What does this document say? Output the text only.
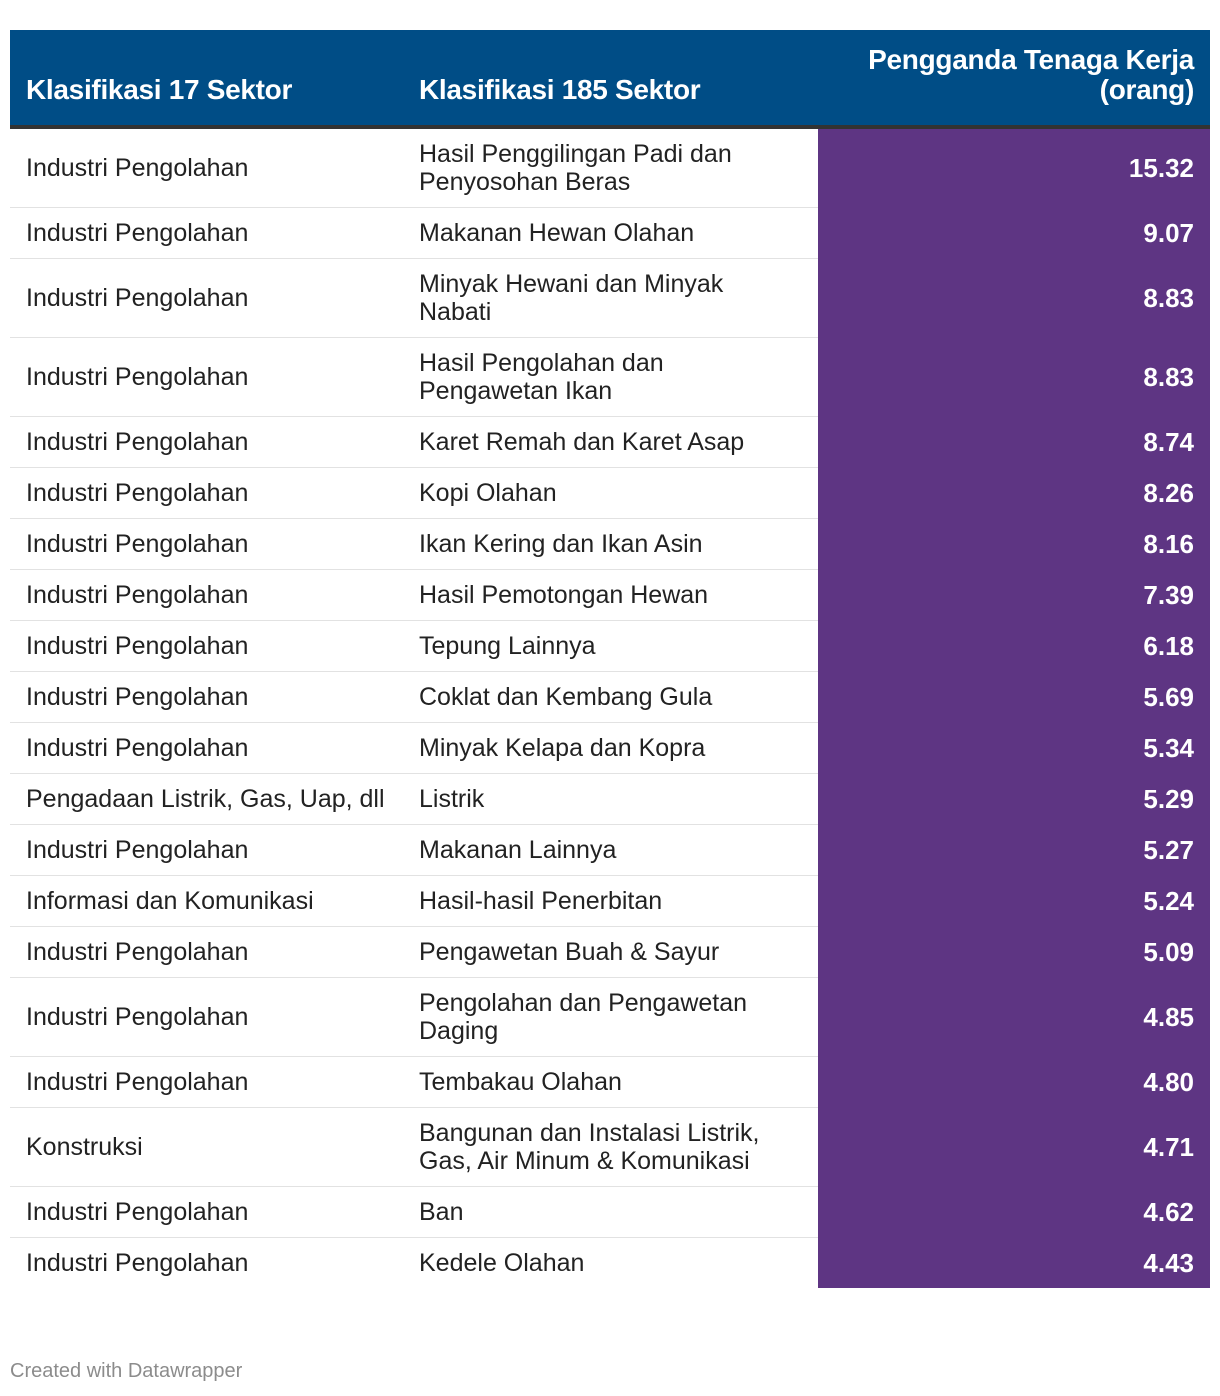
Klasifikasi 17 Sektor	Klasifikasi 185 Sektor	Pengganda Tenaga Kerja (orang)
Industri Pengolahan	Hasil Penggilingan Padi dan Penyosohan Beras	15.32
Industri Pengolahan	Makanan Hewan Olahan	9.07
Industri Pengolahan	Minyak Hewani dan Minyak Nabati	8.83
Industri Pengolahan	Hasil Pengolahan dan Pengawetan Ikan	8.83
Industri Pengolahan	Karet Remah dan Karet Asap	8.74
Industri Pengolahan	Kopi Olahan	8.26
Industri Pengolahan	Ikan Kering dan Ikan Asin	8.16
Industri Pengolahan	Hasil Pemotongan Hewan	7.39
Industri Pengolahan	Tepung Lainnya	6.18
Industri Pengolahan	Coklat dan Kembang Gula	5.69
Industri Pengolahan	Minyak Kelapa dan Kopra	5.34
Pengadaan Listrik, Gas, Uap, dll	Listrik	5.29
Industri Pengolahan	Makanan Lainnya	5.27
Informasi dan Komunikasi	Hasil-hasil Penerbitan	5.24
Industri Pengolahan	Pengawetan Buah & Sayur	5.09
Industri Pengolahan	Pengolahan dan Pengawetan Daging	4.85
Industri Pengolahan	Tembakau Olahan	4.80
Konstruksi	Bangunan dan Instalasi Listrik, Gas, Air Minum & Komunikasi	4.71
Industri Pengolahan	Ban	4.62
Industri Pengolahan	Kedele Olahan	4.43
Created with Datawrapper
